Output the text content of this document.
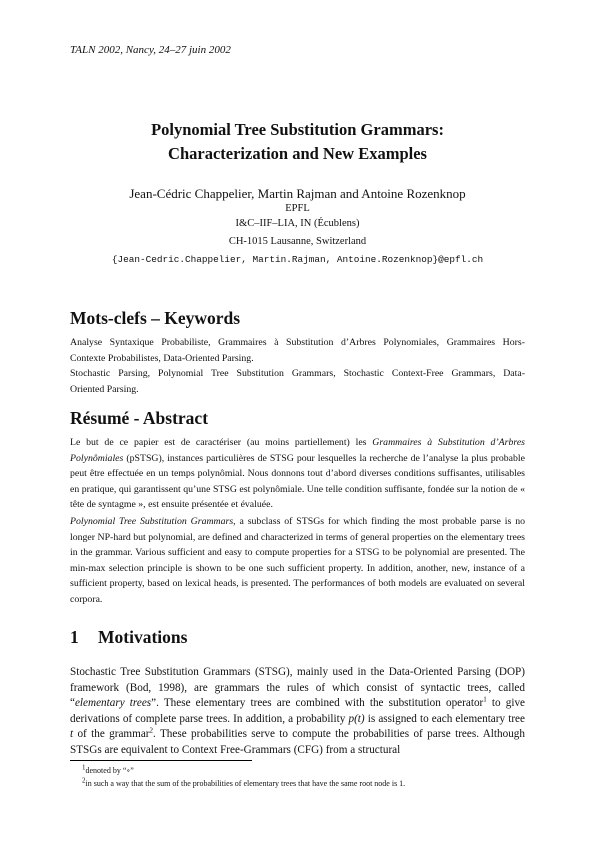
TALN 2002, Nancy, 24–27 juin 2002
Polynomial Tree Substitution Grammars:
Characterization and New Examples
Jean-Cédric Chappelier, Martin Rajman and Antoine Rozenknop
EPFL
I&C–IIF–LIA, IN (Écublens)
CH-1015 Lausanne, Switzerland
{Jean-Cedric.Chappelier, Martin.Rajman, Antoine.Rozenknop}@epfl.ch
Mots-clefs – Keywords

Analyse Syntaxique Probabiliste, Grammaires à Substitution d’Arbres Polynomiales, Grammaires Hors-

Contexte Probabilistes, Data-Oriented Parsing.

Stochastic Parsing, Polynomial Tree Substitution Grammars, Stochastic Context-Free Grammars, Data-

Oriented Parsing.

Résumé - Abstract

Le but de ce papier est de caractériser (au moins partiellement) les Grammaires à Substitution d’Arbres Polynômiales (pSTSG), instances particulières de STSG pour lesquelles la recherche de l’analyse la plus probable peut être effectuée en un temps polynômial. Nous donnons tout d’abord diverses conditions suffisantes, utilisables en pratique, qui garantissent qu’une STSG est polynômiale. Une telle condition suffisante, fondée sur la notion de « tête de syntagme », est ensuite présentée et évaluée.

Polynomial Tree Substitution Grammars, a subclass of STSGs for which finding the most probable parse is no longer NP-hard but polynomial, are defined and characterized in terms of general properties on the elementary trees in the grammar. Various sufficient and easy to compute properties for a STSG to be polynomial are presented. The min-max selection principle is shown to be one such sufficient property. In addition, another, new, instance of a sufficient property, based on lexical heads, is presented. The performances of both models are evaluated on several corpora.

1 Motivations
Stochastic Tree Substitution Grammars (STSG), mainly used in the Data-Oriented Parsing (DOP) framework (Bod, 1998), are grammars the rules of which consist of syntactic trees, called “elementary trees”. These elementary trees are combined with the substitution operator$^1$ to give derivations of complete parse trees. In addition, a probability p(t) is assigned to each elementary tree t of the grammar$^2$. These probabilities serve to compute the probabilities of parse trees. Although STSGs are equivalent to Context Free-Grammars (CFG) from a structural
$^1$denoted by “∘”
$^2$in such a way that the sum of the probabilities of elementary trees that have the same root node is 1.
